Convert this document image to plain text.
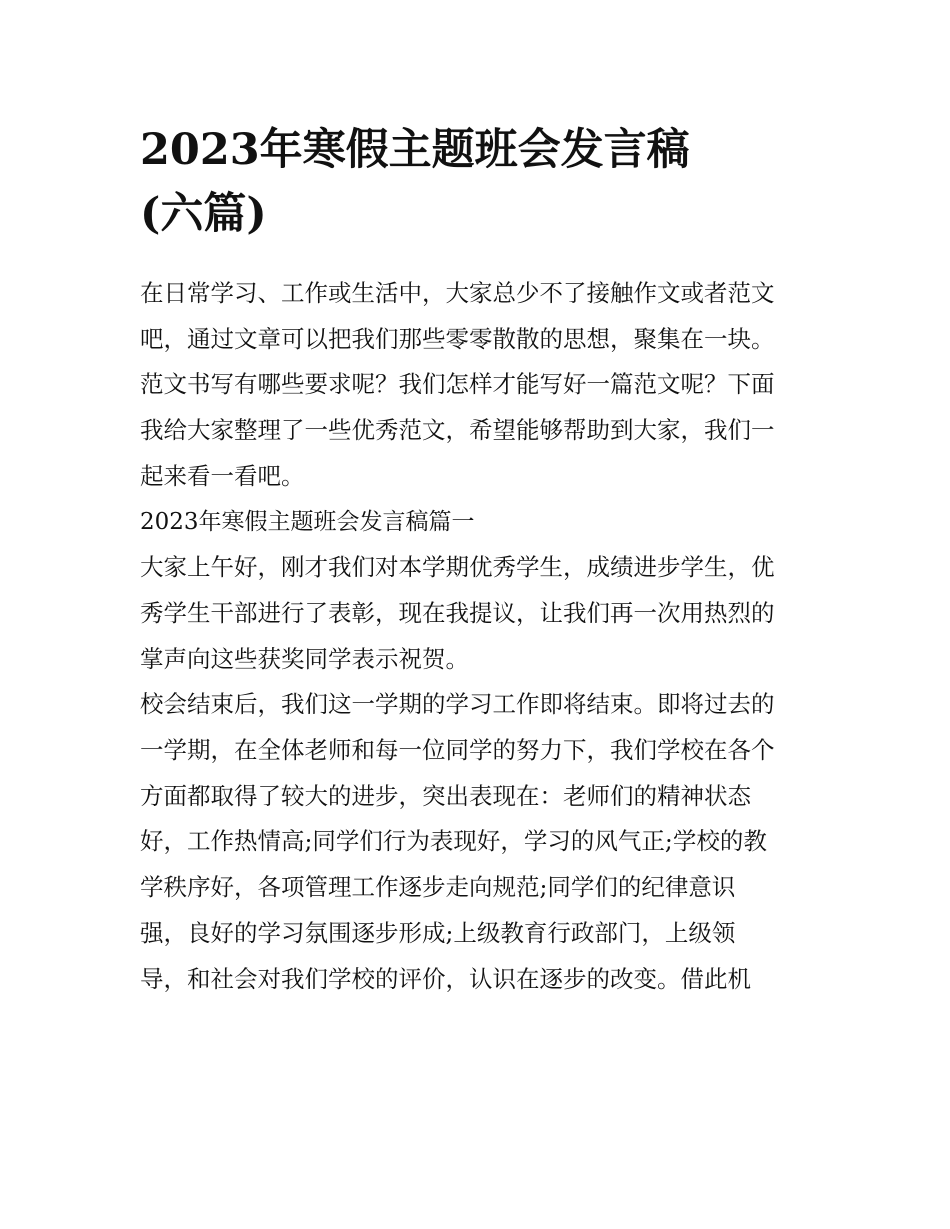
2023年寒假主题班会发言稿
(六篇)

在日常学习、工作或生活中，大家总少不了接触作文或者范文
吧，通过文章可以把我们那些零零散散的思想，聚集在一块。
范文书写有哪些要求呢？我们怎样才能写好一篇范文呢？下面
我给大家整理了一些优秀范文，希望能够帮助到大家，我们一
起来看一看吧。

2023年寒假主题班会发言稿篇一

大家上午好，刚才我们对本学期优秀学生，成绩进步学生，优
秀学生干部进行了表彰，现在我提议，让我们再一次用热烈的
掌声向这些获奖同学表示祝贺。

校会结束后，我们这一学期的学习工作即将结束。即将过去的
一学期，在全体老师和每一位同学的努力下，我们学校在各个
方面都取得了较大的进步，突出表现在：老师们的精神状态
好，工作热情高;同学们行为表现好，学习的风气正;学校的教
学秩序好，各项管理工作逐步走向规范;同学们的纪律意识
强，良好的学习氛围逐步形成;上级教育行政部门，上级领
导，和社会对我们学校的评价，认识在逐步的改变。借此机
